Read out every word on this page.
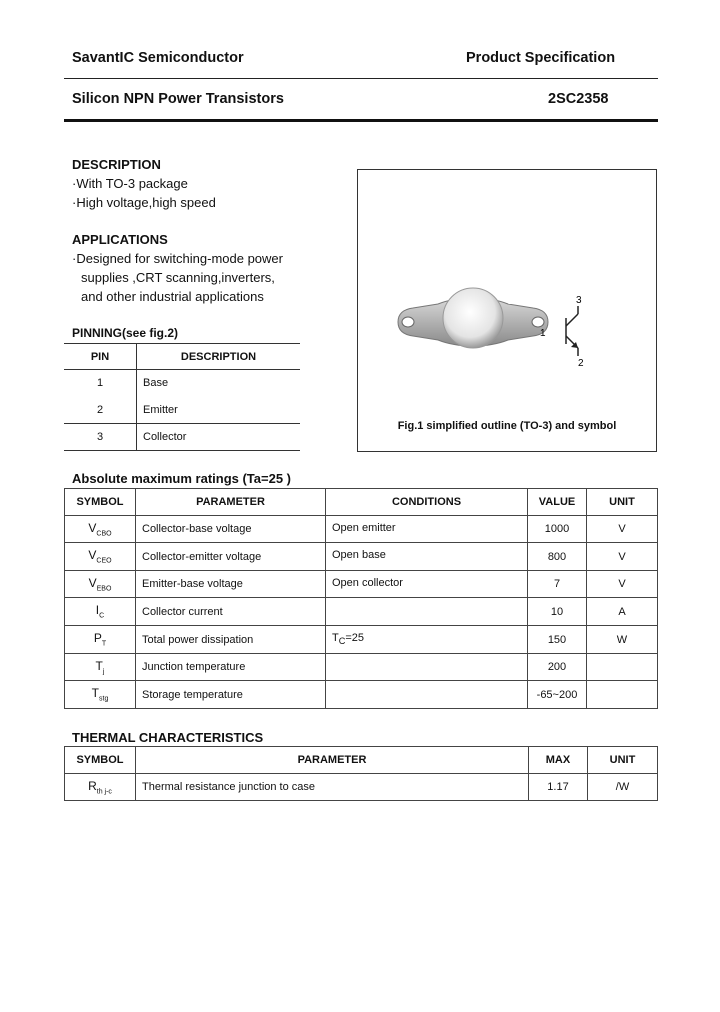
SavantIC Semiconductor	Product Specification
Silicon NPN Power Transistors	2SC2358
DESCRIPTION
·With TO-3 package
·High voltage,high speed
APPLICATIONS
·Designed for switching-mode power
supplies ,CRT scanning,inverters,
and other industrial applications
PINNING(see fig.2)
PIN	DESCRIPTION
1	Base
2	Emitter
3	Collector
3
1
2
Fig.1 simplified outline (TO-3) and symbol
Absolute maximum ratings (Ta=25 )
SYMBOL	PARAMETER	CONDITIONS	VALUE	UNIT
$V_{CBO}$	Collector-base voltage	Open emitter	1000	V
$V_{CEO}$	Collector-emitter voltage	Open base	800	V
$V_{EBO}$	Emitter-base voltage	Open collector	7	V
$I_C$	Collector current		10	A
$P_T$	Total power dissipation	$T_C=25$	150	W
$T_j$	Junction temperature		200	
$T_{stg}$	Storage temperature		-65~200	
THERMAL CHARACTERISTICS
SYMBOL	PARAMETER	MAX	UNIT
$R_{th j-c}$	Thermal resistance junction to case	1.17	/W
